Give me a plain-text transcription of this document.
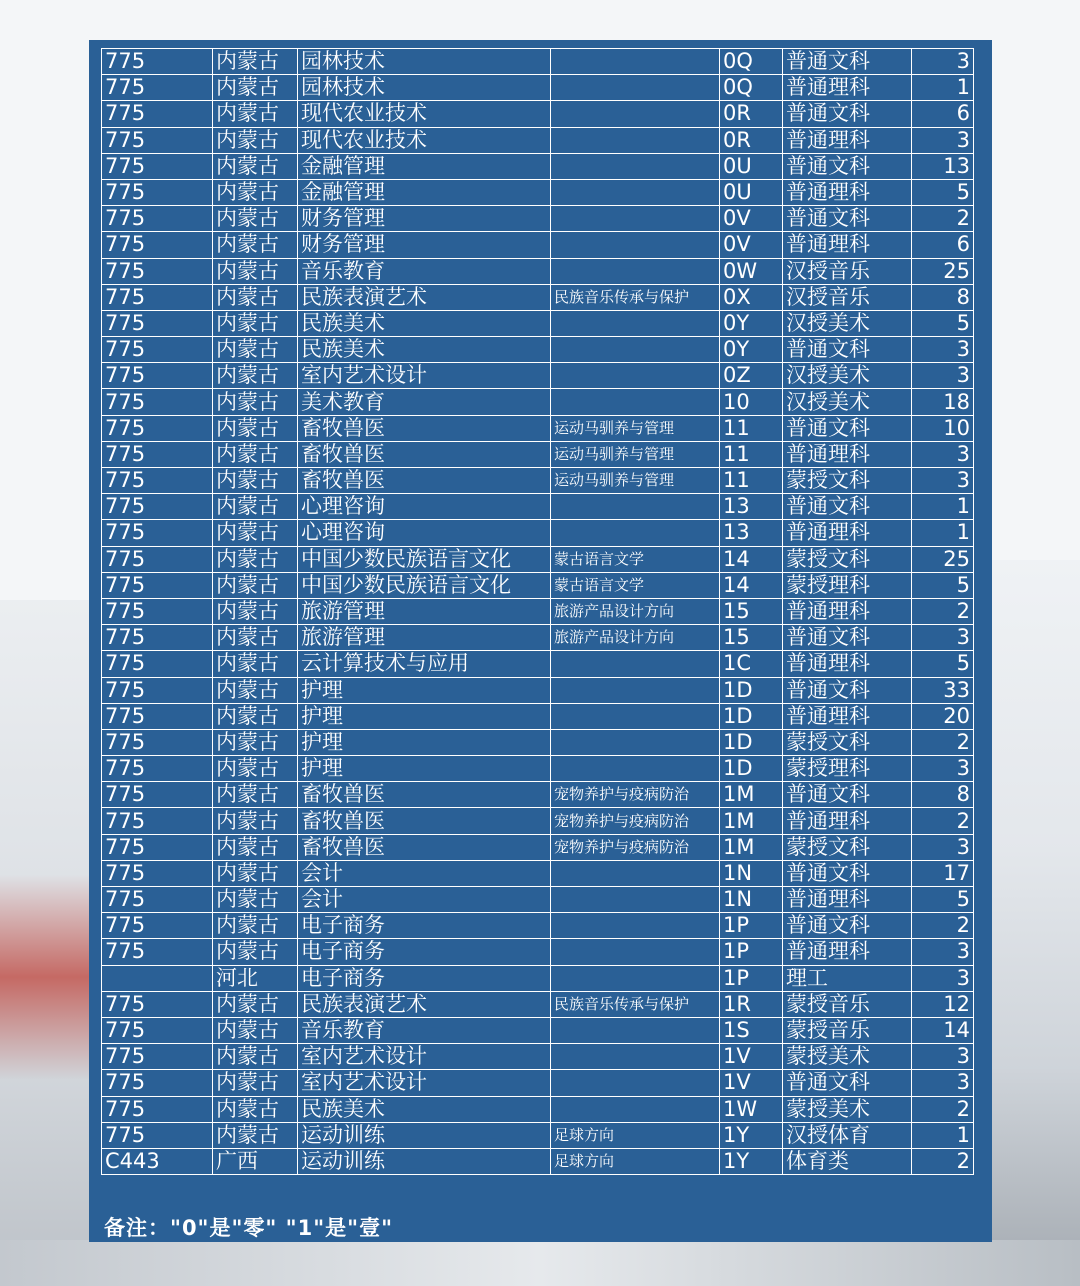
775	内蒙古	园林技术		0Q	普通文科	3
775	内蒙古	园林技术		0Q	普通理科	1
775	内蒙古	现代农业技术		0R	普通文科	6
775	内蒙古	现代农业技术		0R	普通理科	3
775	内蒙古	金融管理		0U	普通文科	13
775	内蒙古	金融管理		0U	普通理科	5
775	内蒙古	财务管理		0V	普通文科	2
775	内蒙古	财务管理		0V	普通理科	6
775	内蒙古	音乐教育		0W	汉授音乐	25
775	内蒙古	民族表演艺术	民族音乐传承与保护	0X	汉授音乐	8
775	内蒙古	民族美术		0Y	汉授美术	5
775	内蒙古	民族美术		0Y	普通文科	3
775	内蒙古	室内艺术设计		0Z	汉授美术	3
775	内蒙古	美术教育		10	汉授美术	18
775	内蒙古	畜牧兽医	运动马驯养与管理	11	普通文科	10
775	内蒙古	畜牧兽医	运动马驯养与管理	11	普通理科	3
775	内蒙古	畜牧兽医	运动马驯养与管理	11	蒙授文科	3
775	内蒙古	心理咨询		13	普通文科	1
775	内蒙古	心理咨询		13	普通理科	1
775	内蒙古	中国少数民族语言文化	蒙古语言文学	14	蒙授文科	25
775	内蒙古	中国少数民族语言文化	蒙古语言文学	14	蒙授理科	5
775	内蒙古	旅游管理	旅游产品设计方向	15	普通理科	2
775	内蒙古	旅游管理	旅游产品设计方向	15	普通文科	3
775	内蒙古	云计算技术与应用		1C	普通理科	5
775	内蒙古	护理		1D	普通文科	33
775	内蒙古	护理		1D	普通理科	20
775	内蒙古	护理		1D	蒙授文科	2
775	内蒙古	护理		1D	蒙授理科	3
775	内蒙古	畜牧兽医	宠物养护与疫病防治	1M	普通文科	8
775	内蒙古	畜牧兽医	宠物养护与疫病防治	1M	普通理科	2
775	内蒙古	畜牧兽医	宠物养护与疫病防治	1M	蒙授文科	3
775	内蒙古	会计		1N	普通文科	17
775	内蒙古	会计		1N	普通理科	5
775	内蒙古	电子商务		1P	普通文科	2
775	内蒙古	电子商务		1P	普通理科	3
	河北	电子商务		1P	理工	3
775	内蒙古	民族表演艺术	民族音乐传承与保护	1R	蒙授音乐	12
775	内蒙古	音乐教育		1S	蒙授音乐	14
775	内蒙古	室内艺术设计		1V	蒙授美术	3
775	内蒙古	室内艺术设计		1V	普通文科	3
775	内蒙古	民族美术		1W	蒙授美术	2
775	内蒙古	运动训练	足球方向	1Y	汉授体育	1
C443	广西	运动训练	足球方向	1Y	体育类	2
备注："0"是"零" "1"是"壹"
